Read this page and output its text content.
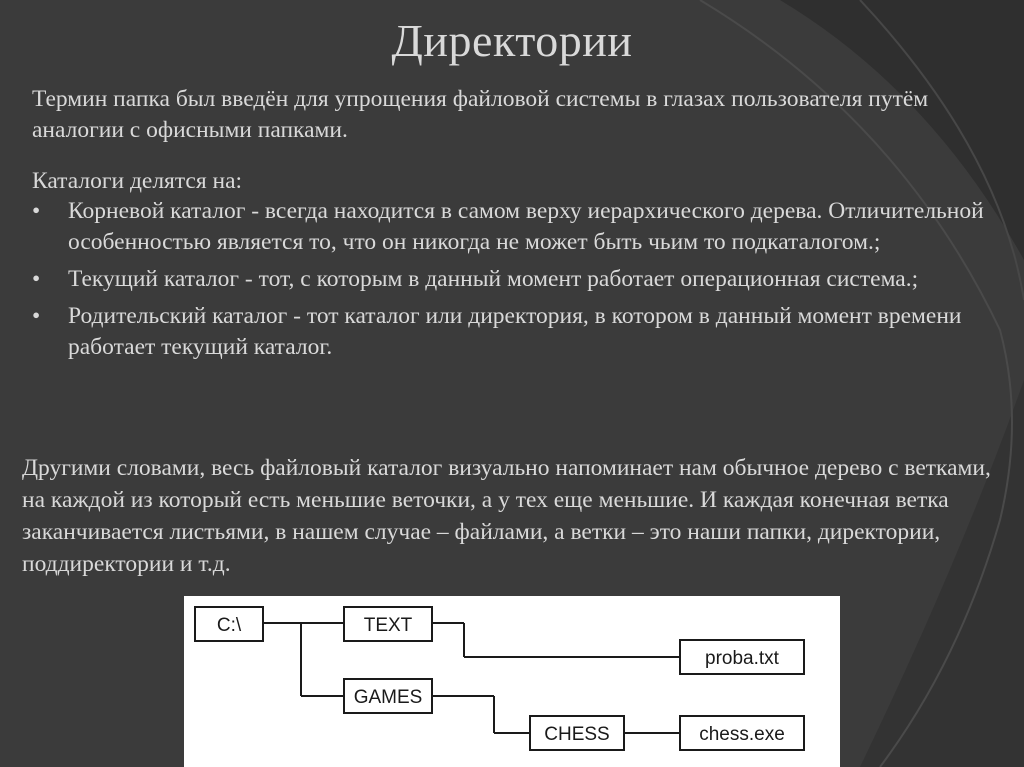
Директории
Термин папка был введён для упрощения файловой системы в глазах пользователя путём аналогии с офисными папками.
Каталоги делятся на:
• Корневой каталог - всегда находится в самом верху иерархического дерева. Отличительной особенностью является то, что он никогда не может быть чьим то подкаталогом.;
• Текущий каталог - тот, с которым в данный момент работает операционная система.;
• Родительский каталог - тот каталог или директория, в котором в данный момент времени работает текущий каталог.
Другими словами, весь файловый каталог визуально напоминает нам обычное дерево с ветками, на каждой из который есть меньшие веточки, а у тех еще меньшие. И каждая конечная ветка заканчивается листьями, в нашем случае – файлами, а ветки – это наши папки, директории, поддиректории и т.д.
C:\	TEXT
GAMES
CHESS
proba.txt
chess.exe
